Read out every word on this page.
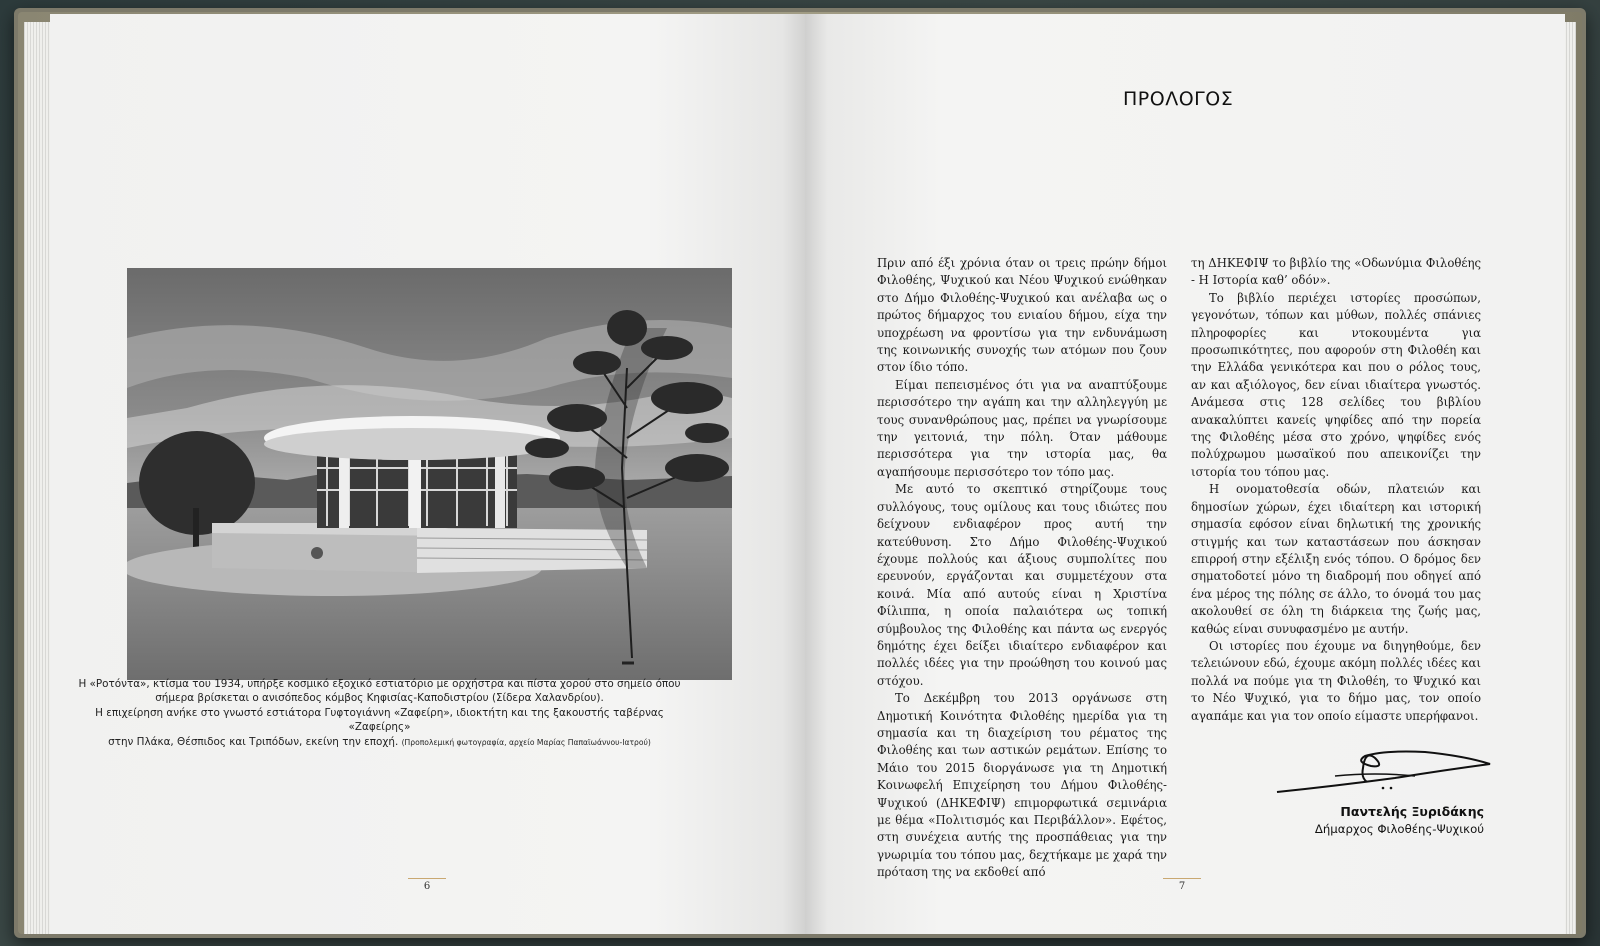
Η «Ροτόντα», κτίσμα του 1934, υπήρξε κοσμικό εξοχικό εστιατόριο με ορχήστρα και πίστα χορού στο σημείο όπου
σήμερα βρίσκεται ο ανισόπεδος κόμβος Κηφισίας-Καποδιστρίου (Σίδερα Χαλανδρίου).
Η επιχείρηση ανήκε στο γνωστό εστιάτορα Γυφτογιάννη «Ζαφείρη», ιδιοκτήτη και της ξακουστής ταβέρνας «Ζαφείρης»
στην Πλάκα, Θέσπιδος και Τριπόδων, εκείνη την εποχή. (Προπολεμική φωτογραφία, αρχείο Μαρίας Παπαϊωάννου-Ιατρού)
6
ΠΡΟΛΟΓΟΣ

Πριν από έξι χρόνια όταν οι τρεις πρώην δήμοι Φιλοθέης, Ψυχικού και Νέου Ψυχικού ενώθηκαν στο Δήμο Φιλοθέης-Ψυχικού και ανέλαβα ως ο πρώτος δήμαρχος του ενιαίου δήμου, είχα την υποχρέωση να φροντίσω για την ενδυνάμωση της κοινωνικής συνοχής των ατόμων που ζουν στον ίδιο τόπο.

Είμαι πεπεισμένος ότι για να αναπτύξουμε περισσότερο την αγάπη και την αλληλεγγύη με τους συνανθρώπους μας, πρέπει να γνωρίσουμε την γειτονιά, την πόλη. Όταν μάθουμε περισσότερα για την ιστορία μας, θα αγαπήσουμε περισσότερο τον τόπο μας.

Με αυτό το σκεπτικό στηρίζουμε τους συλλόγους, τους ομίλους και τους ιδιώτες που δείχνουν ενδιαφέρον προς αυτή την κατεύθυνση. Στο Δήμο Φιλοθέης-Ψυχικού έχουμε πολλούς και άξιους συμπολίτες που ερευνούν, εργάζονται και συμμετέχουν στα κοινά. Μία από αυτούς είναι η Χριστίνα Φίλιππα, η οποία παλαιότερα ως τοπική σύμβουλος της Φιλοθέης και πάντα ως ενεργός δημότης έχει δείξει ιδιαίτερο ενδιαφέρον και πολλές ιδέες για την προώθηση του κοινού μας στόχου.

Το Δεκέμβρη του 2013 οργάνωσε στη Δημοτική Κοινότητα Φιλοθέης ημερίδα για τη σημασία και τη διαχείριση του ρέματος της Φιλοθέης και των αστικών ρεμάτων. Επίσης το Μάιο του 2015 διοργάνωσε για τη Δημοτική Κοινωφελή Επιχείρηση του Δήμου Φιλοθέης-Ψυχικού (ΔΗΚΕΦΙΨ) επιμορφωτικά σεμινάρια με θέμα «Πολιτισμός και Περιβάλλον». Εφέτος, στη συνέχεια αυτής της προσπάθειας για την γνωριμία του τόπου μας, δεχτήκαμε με χαρά την πρόταση της να εκδοθεί από

τη ΔΗΚΕΦΙΨ το βιβλίο της «Οδωνύμια Φιλοθέης - Η Ιστορία καθ’ οδόν».

Το βιβλίο περιέχει ιστορίες προσώπων, γεγονότων, τόπων και μύθων, πολλές σπάνιες πληροφορίες και ντοκουμέντα για προσωπικότητες, που αφορούν στη Φιλοθέη και την Ελλάδα γενικότερα και που ο ρόλος τους, αν και αξιόλογος, δεν είναι ιδιαίτερα γνωστός. Ανάμεσα στις 128 σελίδες του βιβλίου ανακαλύπτει κανείς ψηφίδες από την πορεία της Φιλοθέης μέσα στο χρόνο, ψηφίδες ενός πολύχρωμου μωσαϊκού που απεικονίζει την ιστορία του τόπου μας.

Η ονοματοθεσία οδών, πλατειών και δημοσίων χώρων, έχει ιδιαίτερη και ιστορική σημασία εφόσον είναι δηλωτική της χρονικής στιγμής και των καταστάσεων που άσκησαν επιρροή στην εξέλιξη ενός τόπου. Ο δρόμος δεν σηματοδοτεί μόνο τη διαδρομή που οδηγεί από ένα μέρος της πόλης σε άλλο, το όνομά του μας ακολουθεί σε όλη τη διάρκεια της ζωής μας, καθώς είναι συνυφασμένο με αυτήν.

Οι ιστορίες που έχουμε να διηγηθούμε, δεν τελειώνουν εδώ, έχουμε ακόμη πολλές ιδέες και πολλά να πούμε για τη Φιλοθέη, το Ψυχικό και το Νέο Ψυχικό, για το δήμο μας, τον οποίο αγαπάμε και για τον οποίο είμαστε υπερήφανοι.

Παντελής Ξυριδάκης
Δήμαρχος Φιλοθέης-Ψυχικού
7
